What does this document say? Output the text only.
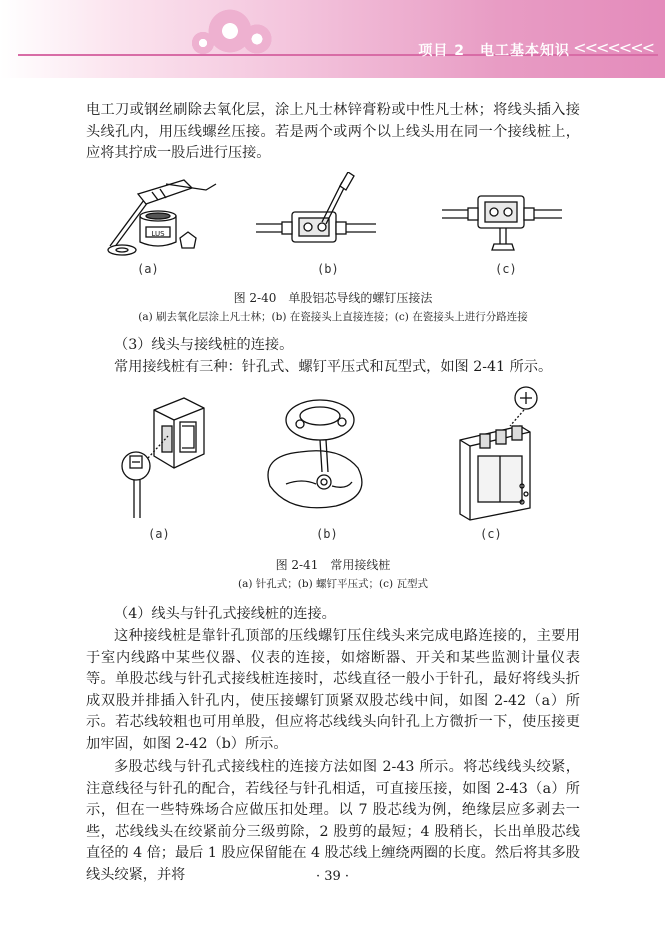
项目 2　电工基本知识 <<<<<<<

电工刀或钢丝刷除去氧化层，涂上凡士林锌膏粉或中性凡士林；将线头插入接头线孔内，用压线螺丝压接。若是两个或两个以上线头用在同一个接线桩上，应将其拧成一股后进行压接。

LUS
(a)	(b)	(c)
图 2-40　单股铝芯导线的螺钉压接法
(a) 刷去氧化层涂上凡士林；(b) 在瓷接头上直接连接；(c) 在瓷接头上进行分路连接

（3）线头与接线桩的连接。

常用接线桩有三种：针孔式、螺钉平压式和瓦型式，如图 2-41 所示。

(a)	(b)	(c)
图 2-41　常用接线桩
(a) 针孔式；(b) 螺钉平压式；(c) 瓦型式

（4）线头与针孔式接线桩的连接。

这种接线桩是靠针孔顶部的压线螺钉压住线头来完成电路连接的，主要用于室内线路中某些仪器、仪表的连接，如熔断器、开关和某些监测计量仪表等。单股芯线与针孔式接线桩连接时，芯线直径一般小于针孔，最好将线头折成双股并排插入针孔内，使压接螺钉顶紧双股芯线中间，如图 2-42（a）所示。若芯线较粗也可用单股，但应将芯线线头向针孔上方微折一下，使压接更加牢固，如图 2-42（b）所示。

多股芯线与针孔式接线柱的连接方法如图 2-43 所示。将芯线线头绞紧，注意线径与针孔的配合，若线径与针孔相适，可直接压接，如图 2-43（a）所示，但在一些特殊场合应做压扣处理。以 7 股芯线为例，绝缘层应多剥去一些，芯线线头在绞紧前分三级剪除，2 股剪的最短；4 股稍长，长出单股芯线直径的 4 倍；最后 1 股应保留能在 4 股芯线上缠绕两圈的长度。然后将其多股线头绞紧，并将	· 39 ·
